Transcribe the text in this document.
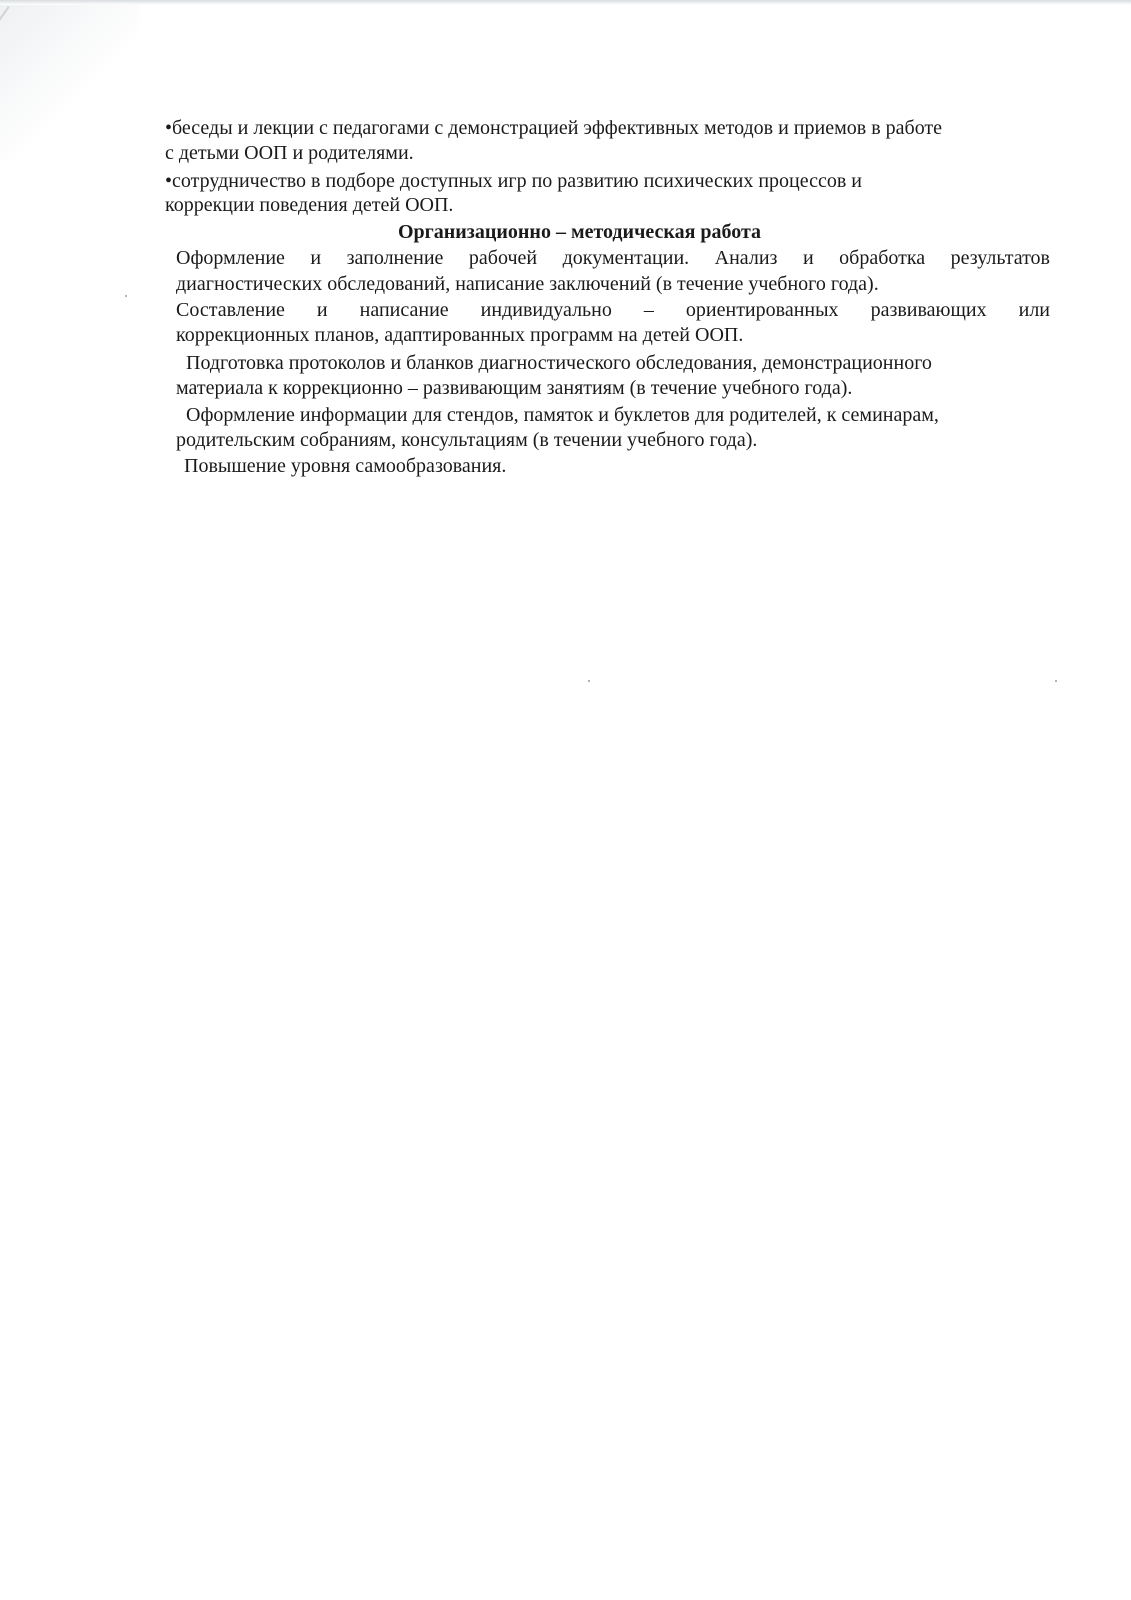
•беседы и лекции с педагогами с демонстрацией эффективных методов и приемов в работе
с детьми ООП и родителями.
•сотрудничество в подборе доступных игр по развитию психических процессов и
коррекции поведения детей ООП.
Организационно – методическая работа
Оформление и заполнение рабочей документации. Анализ и обработка результатов
диагностических обследований, написание заключений (в течение учебного года).
Составление и написание индивидуально – ориентированных развивающих или
коррекционных планов, адаптированных программ на детей ООП.
Подготовка протоколов и бланков диагностического обследования, демонстрационного
материала к коррекционно – развивающим занятиям (в течение учебного года).
Оформление информации для стендов, памяток и буклетов для родителей, к семинарам,
родительским собраниям, консультациям (в течении учебного года).
Повышение уровня самообразования.
